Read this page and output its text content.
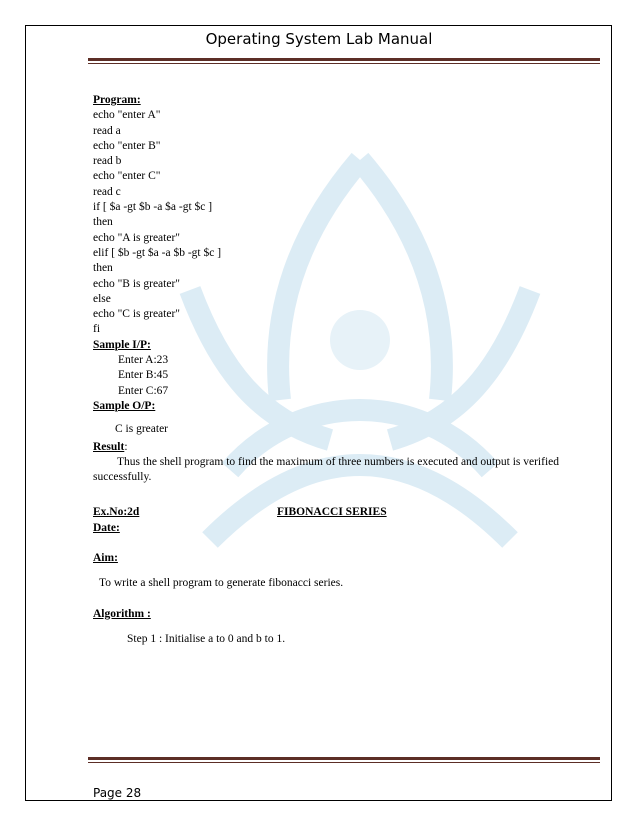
Operating System Lab Manual
Program:
echo "enter A"
read a
echo "enter B"
read b
echo "enter C"
read c
if [ $a -gt $b -a $a -gt $c ]
then
echo "A is greater"
elif [ $b -gt $a -a $b -gt $c ]
then
echo "B is greater"
else
echo "C is greater"
fi
Sample I/P:
Enter A:23
Enter B:45
Enter C:67
Sample O/P:
C is greater
Result:
Thus the shell program to find the maximum of three numbers is executed and output is verified successfully.
Ex.No:2d	FIBONACCI SERIES
Date:
Aim:
To write a shell program to generate fibonacci series.
Algorithm :
Step 1 : Initialise a to 0 and b to 1.
Page 28
